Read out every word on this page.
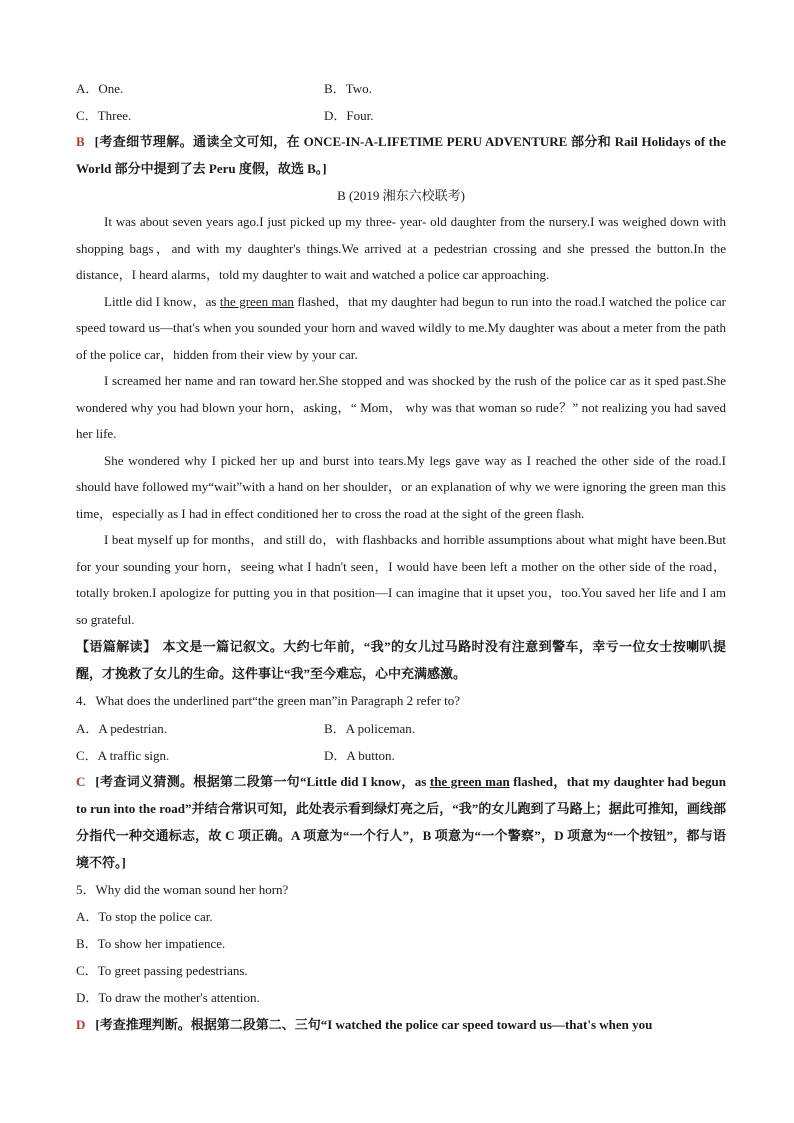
A．One.	B．Two.
C．Three.	D．Four.
B [考查细节理解。通读全文可知，在 ONCE-IN-A-LIFETIME PERU ADVENTURE 部分和 Rail Holidays of the World 部分中提到了去 Peru 度假，故选 B。]
B (2019 湘东六校联考)

It was about seven years ago.I just picked up my three- year- old daughter from the nursery.I was weighed down with shopping bags，and with my daughter's things.We arrived at a pedestrian crossing and she pressed the button.In the distance，I heard alarms，told my daughter to wait and watched a police car approaching.

Little did I know，as the green man flashed，that my daughter had begun to run into the road.I watched the police car speed toward us—that's when you sounded your horn and waved wildly to me.My daughter was about a meter from the path of the police car，hidden from their view by your car.

I screamed her name and ran toward her.She stopped and was shocked by the rush of the police car as it sped past.She wondered why you had blown your horn，asking，“ Mom， why was that woman so rude？” not realizing you had saved her life.

She wondered why I picked her up and burst into tears.My legs gave way as I reached the other side of the road.I should have followed my“wait”with a hand on her shoulder，or an explanation of why we were ignoring the green man this time，especially as I had in effect conditioned her to cross the road at the sight of the green flash.

I beat myself up for months，and still do，with flashbacks and horrible assumptions about what might have been.But for your sounding your horn，seeing what I hadn't seen，I would have been left a mother on the other side of the road，totally broken.I apologize for putting you in that position—I can imagine that it upset you，too.You saved her life and I am so grateful.

【语篇解读】 本文是一篇记叙文。大约七年前，“我”的女儿过马路时没有注意到警车，幸亏一位女士按喇叭提醒，才挽救了女儿的生命。这件事让“我”至今难忘，心中充满感激。
4．What does the underlined part“the green man”in Paragraph 2 refer to?
A．A pedestrian.	B．A policeman.
C．A traffic sign.	D．A button.
C [考查词义猜测。根据第二段第一句“Little did I know，as the green man flashed，that my daughter had begun to run into the road”并结合常识可知，此处表示看到绿灯亮之后，“我”的女儿跑到了马路上；据此可推知，画线部分指代一种交通标志，故 C 项正确。A 项意为“一个行人”，B 项意为“一个警察”，D 项意为“一个按钮”，都与语境不符。]
5．Why did the woman sound her horn?
A．To stop the police car.
B．To show her impatience.
C．To greet passing pedestrians.
D．To draw the mother's attention.
D [考查推理判断。根据第二段第二、三句“I watched the police car speed toward us—that's when you
